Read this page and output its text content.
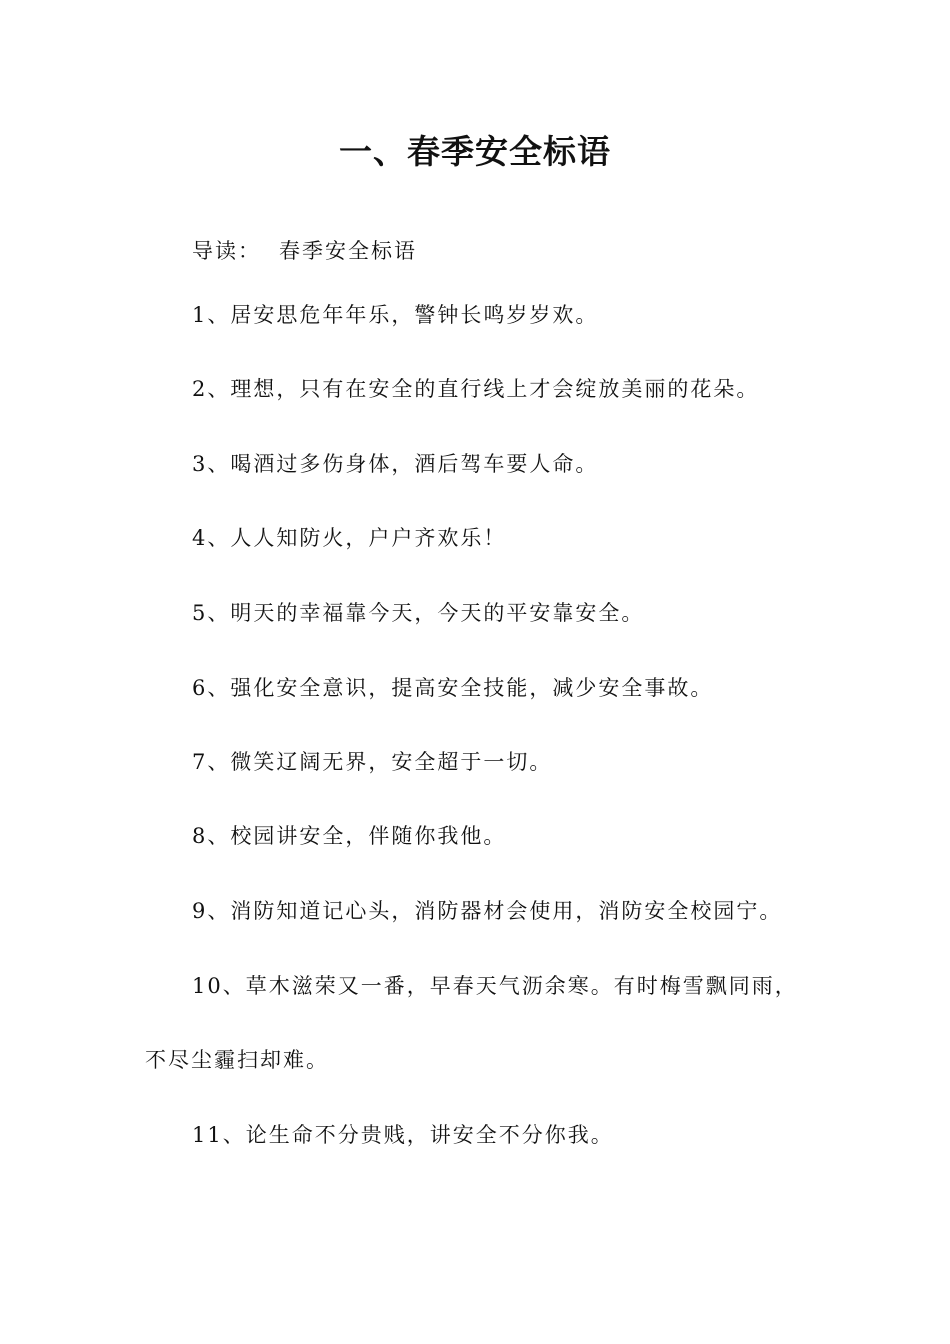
一、春季安全标语

导读： 春季安全标语

1、居安思危年年乐，警钟长鸣岁岁欢。

2、理想，只有在安全的直行线上才会绽放美丽的花朵。

3、喝酒过多伤身体，酒后驾车要人命。

4、人人知防火，户户齐欢乐！

5、明天的幸福靠今天，今天的平安靠安全。

6、强化安全意识，提高安全技能，减少安全事故。

7、微笑辽阔无界，安全超于一切。

8、校园讲安全，伴随你我他。

9、消防知道记心头，消防器材会使用，消防安全校园宁。

10、草木滋荣又一番，早春天气沥余寒。有时梅雪飘同雨，

不尽尘霾扫却难。

11、论生命不分贵贱，讲安全不分你我。
